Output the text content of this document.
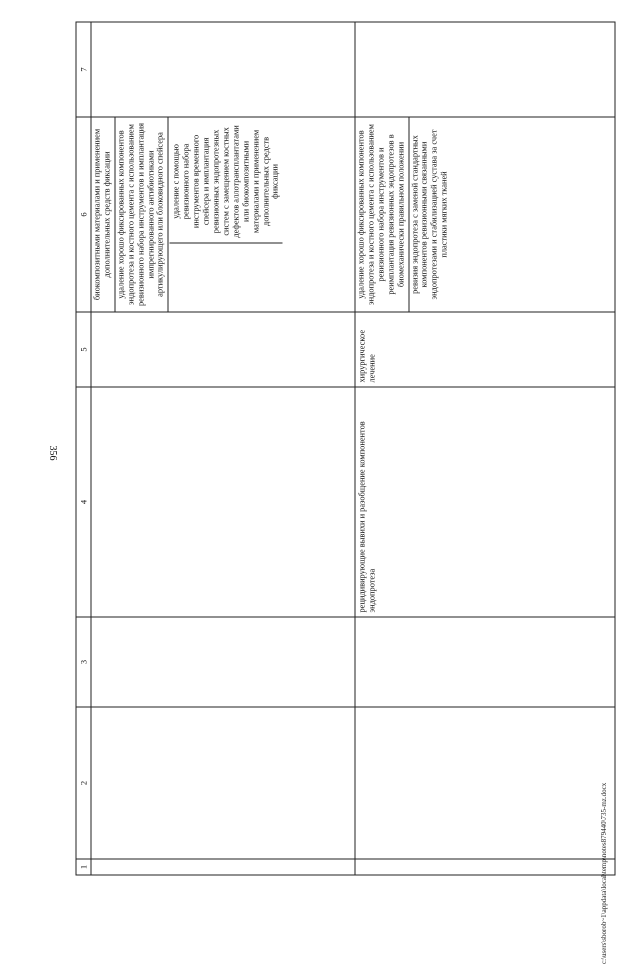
356
1	2	3	4	5	6	7

					биокомпозитными материалами и применением дополнительных средств фиксации удаление хорошо фиксированных компонентов эндопротеза и костного цемента с использованием ревизионного набора инструментов и имплантация импрегнированного антибиотиками артикулирующего или блоковидного спейсера удаление с помощью ревизионного набора инструментов временного спейсера и имплантация ревизионных эндопротезных систем с замещением костных дефектов аллотрансплантатами или биокомпозитными материалами и применением дополнительных средств фиксации	

			рецидивирующие вывихи и разобщение компонентов эндопротеза	хирургическое лечение	удаление хорошо фиксированных компонентов эндопротеза и костного цемента с использованием ревизионного набора инструментов и реимплантация ревизионных эндопротезов в биомеханически правильном положении ревизия эндопротеза с заменой стандартных компонентов ревизионными связанными эндопротезами и стабилизацией сустава за счет пластики мягких тканей	

c:\users\sborob~1\appdata\local\temp\notes879440\735-mz.docx
